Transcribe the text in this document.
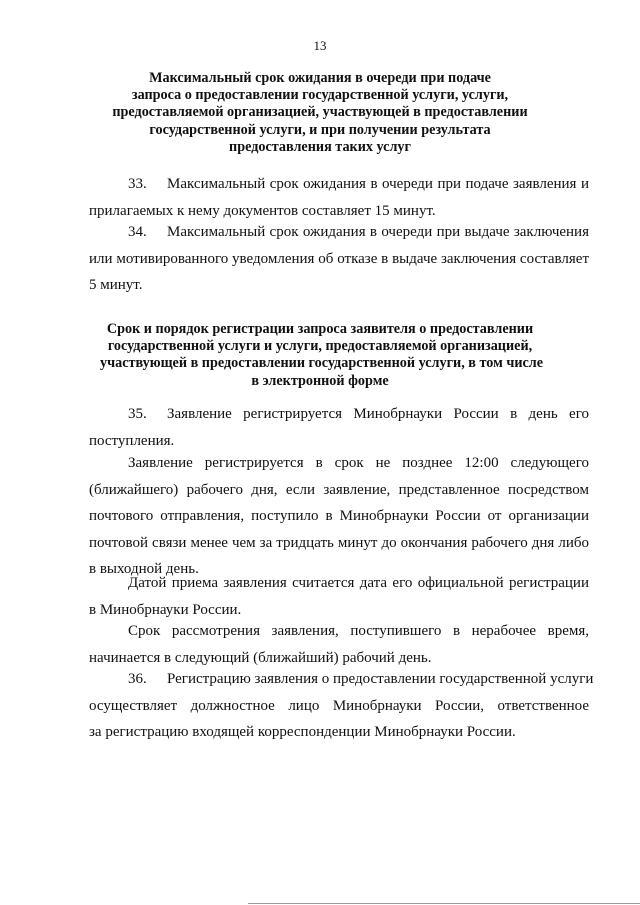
13
Максимальный срок ожидания в очереди при подаче
запроса о предоставлении государственной услуги, услуги,
предоставляемой организацией, участвующей в предоставлении
государственной услуги, и при получении результата
предоставления таких услуг
33. Максимальный срок ожидания в очереди при подаче заявления и
прилагаемых к нему документов составляет 15 минут.
34. Максимальный срок ожидания в очереди при выдаче заключения
или мотивированного уведомления об отказе в выдаче заключения составляет
5 минут.
Срок и порядок регистрации запроса заявителя о предоставлении
государственной услуги и услуги, предоставляемой организацией,
участвующей в предоставлении государственной услуги, в том числе
в электронной форме
35. Заявление регистрируется Минобрнауки России в день его
поступления.
Заявление регистрируется в срок не позднее 12:00 следующего
(ближайшего) рабочего дня, если заявление, представленное посредством
почтового отправления, поступило в Минобрнауки России от организации
почтовой связи менее чем за тридцать минут до окончания рабочего дня либо
в выходной день.
Датой приема заявления считается дата его официальной регистрации
в Минобрнауки России.
Срок рассмотрения заявления, поступившего в нерабочее время,
начинается в следующий (ближайший) рабочий день.
36. Регистрацию заявления о предоставлении государственной услуги
осуществляет должностное лицо Минобрнауки России, ответственное
за регистрацию входящей корреспонденции Минобрнауки России.
